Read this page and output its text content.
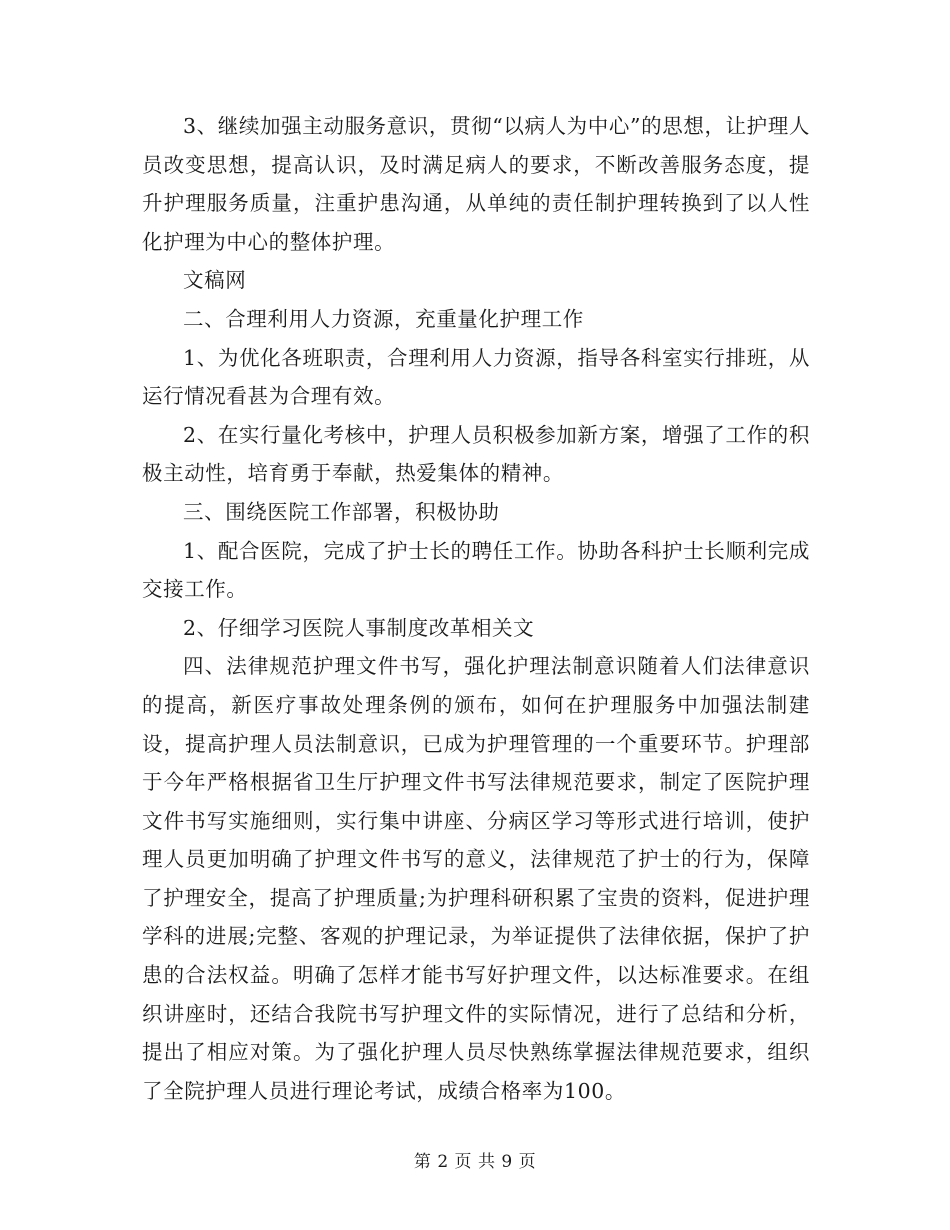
3、继续加强主动服务意识，贯彻“以病人为中心”的思想，让护理人员改变思想，提高认识，及时满足病人的要求，不断改善服务态度，提升护理服务质量，注重护患沟通，从单纯的责任制护理转换到了以人性化护理为中心的整体护理。

文稿网

二、合理利用人力资源，充重量化护理工作

1、为优化各班职责，合理利用人力资源，指导各科室实行排班，从运行情况看甚为合理有效。

2、在实行量化考核中，护理人员积极参加新方案，增强了工作的积极主动性，培育勇于奉献，热爱集体的精神。

三、围绕医院工作部署，积极协助

1、配合医院，完成了护士长的聘任工作。协助各科护士长顺利完成交接工作。

2、仔细学习医院人事制度改革相关文

四、法律规范护理文件书写，强化护理法制意识随着人们法律意识的提高，新医疗事故处理条例的颁布，如何在护理服务中加强法制建设，提高护理人员法制意识，已成为护理管理的一个重要环节。护理部于今年严格根据省卫生厅护理文件书写法律规范要求，制定了医院护理文件书写实施细则，实行集中讲座、分病区学习等形式进行培训，使护理人员更加明确了护理文件书写的意义，法律规范了护士的行为，保障了护理安全，提高了护理质量;为护理科研积累了宝贵的资料，促进护理学科的进展;完整、客观的护理记录，为举证提供了法律依据，保护了护患的合法权益。明确了怎样才能书写好护理文件，以达标准要求。在组织讲座时，还结合我院书写护理文件的实际情况，进行了总结和分析，提出了相应对策。为了强化护理人员尽快熟练掌握法律规范要求，组织了全院护理人员进行理论考试，成绩合格率为100。

第 2 页 共 9 页
